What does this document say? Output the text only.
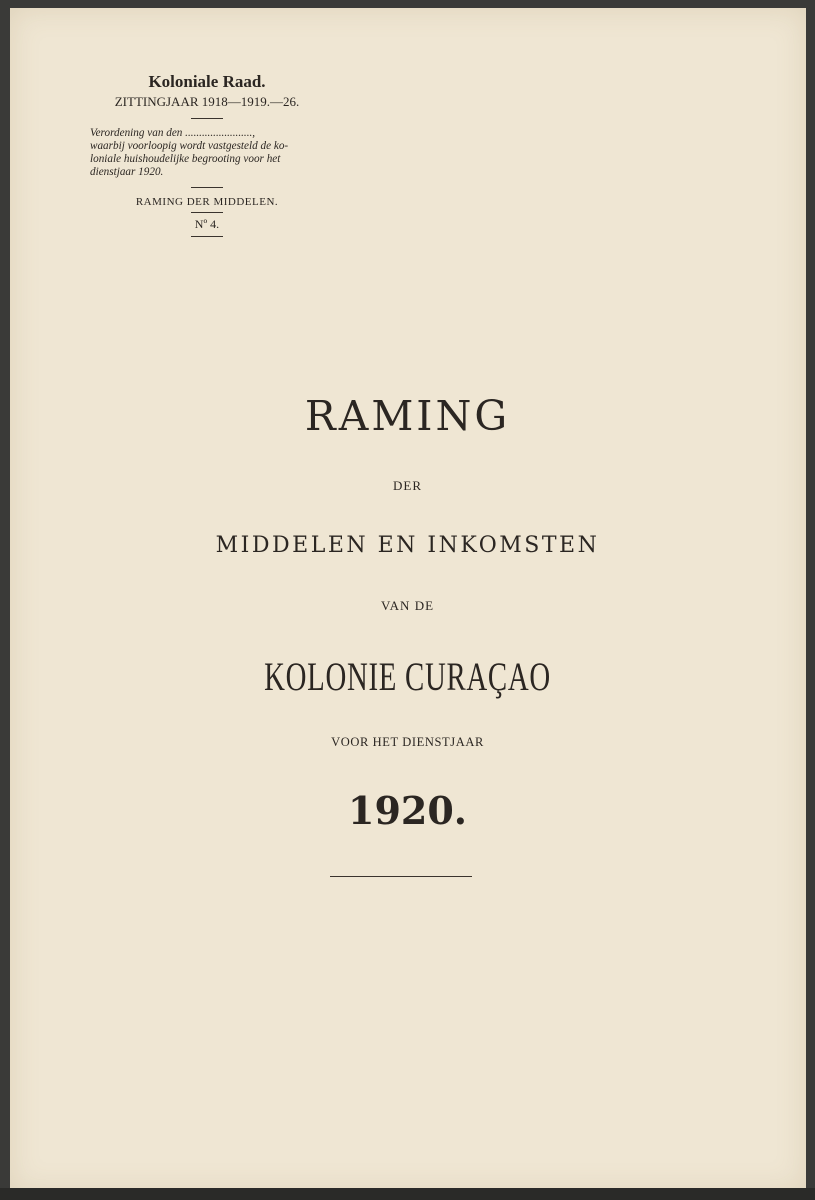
Koloniale Raad.
ZITTINGJAAR 1918—1919.—26.
Verordening van den ........................,
waarbij voorloopig wordt vastgesteld de ko-
loniale huishoudelijke begrooting voor het
dienstjaar 1920.
RAMING DER MIDDELEN.
Nº 4.
RAMING
DER
MIDDELEN EN INKOMSTEN
VAN DE
KOLONIE CURAÇAO
VOOR HET DIENSTJAAR
1920.
